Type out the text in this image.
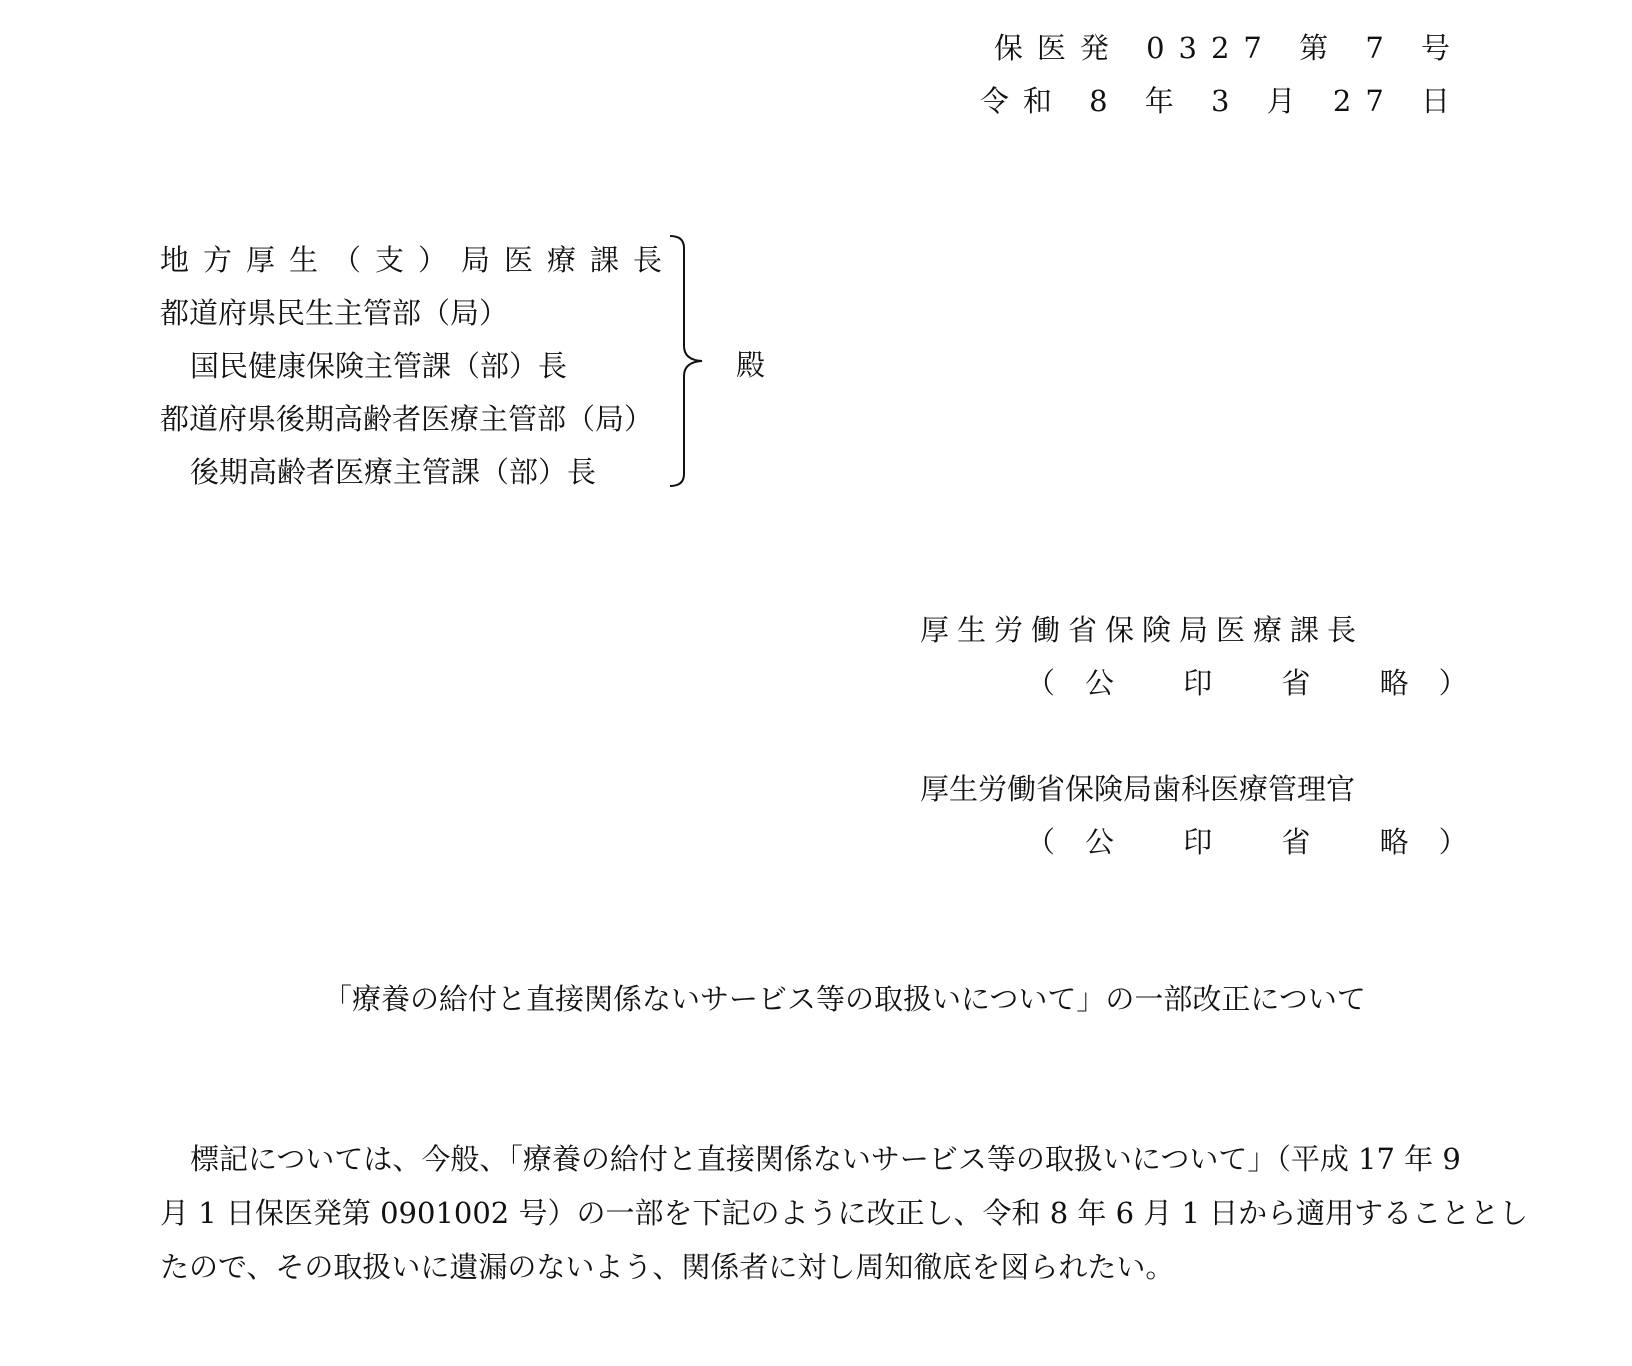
保医発 0327 第 7 号
令和 8 年 3 月 27 日
地方厚生（支）局医療課長
都道府県民生主管部（局）
国民健康保険主管課（部）長
都道府県後期高齢者医療主管部（局）
後期高齢者医療主管課（部）長
殿
厚生労働省保険局医療課長
（公 印 省 略）
厚生労働省保険局歯科医療管理官
（公 印 省 略）
「療養の給付と直接関係ないサービス等の取扱いについて」の一部改正について
標記については、今般、「療養の給付と直接関係ないサービス等の取扱いについて」（平成 17 年 9
月 1 日保医発第 0901002 号）の一部を下記のように改正し、令和 8 年 6 月 1 日から適用することとし
たので、その取扱いに遺漏のないよう、関係者に対し周知徹底を図られたい。
